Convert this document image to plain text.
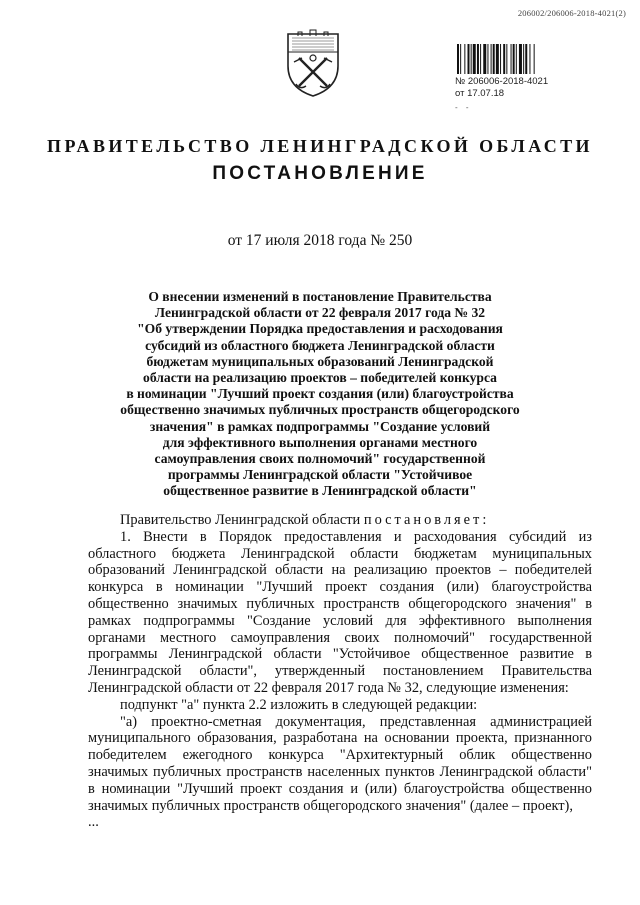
206002/206006-2018-4021(2)
№ 206006-2018-4021
от 17.07.18
- -
ПРАВИТЕЛЬСТВО ЛЕНИНГРАДСКОЙ ОБЛАСТИ
ПОСТАНОВЛЕНИЕ
от 17 июля 2018 года № 250
О внесении изменений в постановление Правительства
Ленинградской области от 22 февраля 2017 года № 32
"Об утверждении Порядка предоставления и расходования
субсидий из областного бюджета Ленинградской области
бюджетам муниципальных образований Ленинградской
области на реализацию проектов – победителей конкурса
в номинации "Лучший проект создания (или) благоустройства
общественно значимых публичных пространств общегородского
значения" в рамках подпрограммы "Создание условий
для эффективного выполнения органами местного
самоуправления своих полномочий" государственной
программы Ленинградской области "Устойчивое
общественное развитие в Ленинградской области"
Правительство Ленинградской области постановляет:
1. Внести в Порядок предоставления и расходования субсидий из областного бюджета Ленинградской области бюджетам муниципальных образований Ленинградской области на реализацию проектов – победителей конкурса в номинации "Лучший проект создания (или) благоустройства общественно значимых публичных пространств общегородского значения" в рамках подпрограммы "Создание условий для эффективного выполнения органами местного самоуправления своих полномочий" государственной программы Ленинградской области "Устойчивое общественное развитие в Ленинградской области", утвержденный постановлением Правительства Ленинградской области от 22 февраля 2017 года № 32, следующие изменения:
подпункт "а" пункта 2.2 изложить в следующей редакции:
"а) проектно-сметная документация, представленная администрацией муниципального образования, разработана на основании проекта, признанного победителем ежегодного конкурса "Архитектурный облик общественно значимых публичных пространств населенных пунктов Ленинградской области" в номинации "Лучший проект создания и (или) благоустройства общественно значимых публичных пространств общегородского значения" (далее – проект),
...
